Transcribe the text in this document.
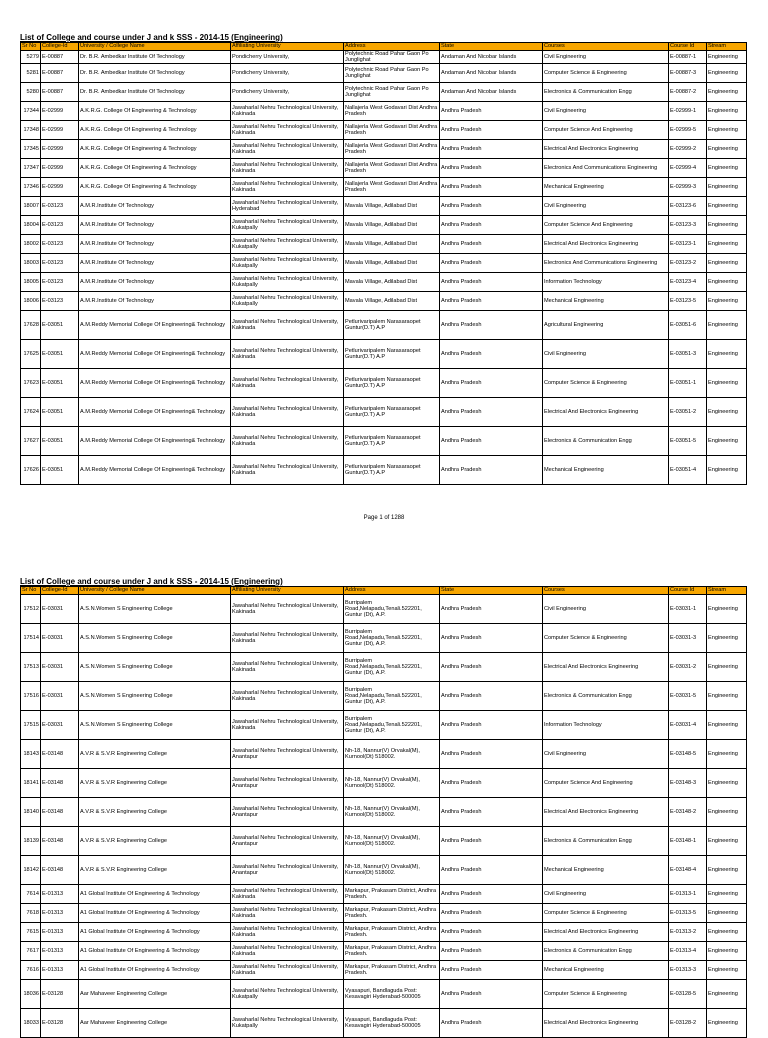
List of College and course under J and k SSS - 2014-15 (Engineering)
Sr No	College-Id	University / College Name	Affiliating University	Address	State	Courses	Course Id	Stream
5279	E-00887	Dr. B.R. Ambedkar Institute Of Technology	Pondicherry University,	Polytechnic Road Pahar Gaon Po Junglighat	Andaman And Nicobar Islands	Civil Engineering	E-00887-1	Engineering
5281	E-00887	Dr. B.R. Ambedkar Institute Of Technology	Pondicherry University,	Polytechnic Road Pahar Gaon Po Junglighat	Andaman And Nicobar Islands	Computer Science & Engineering	E-00887-3	Engineering
5280	E-00887	Dr. B.R. Ambedkar Institute Of Technology	Pondicherry University,	Polytechnic Road Pahar Gaon Po Junglighat	Andaman And Nicobar Islands	Electronics & Communication Engg	E-00887-2	Engineering
17344	E-02999	A.K.R.G. College Of Engineering & Technology	Jawaharlal Nehru Technological University, Kakinada	Nallajerla West Godavari Dist Andhra Pradesh	Andhra Pradesh	Civil Engineering	E-02999-1	Engineering
17348	E-02999	A.K.R.G. College Of Engineering & Technology	Jawaharlal Nehru Technological University, Kakinada	Nallajerla West Godavari Dist Andhra Pradesh	Andhra Pradesh	Computer Science And Engineering	E-02999-5	Engineering
17345	E-02999	A.K.R.G. College Of Engineering & Technology	Jawaharlal Nehru Technological University, Kakinada	Nallajerla West Godavari Dist Andhra Pradesh	Andhra Pradesh	Electrical And Electronics Engineering	E-02999-2	Engineering
17347	E-02999	A.K.R.G. College Of Engineering & Technology	Jawaharlal Nehru Technological University, Kakinada	Nallajerla West Godavari Dist Andhra Pradesh	Andhra Pradesh	Electronics And Communications Engineering	E-02999-4	Engineering
17346	E-02999	A.K.R.G. College Of Engineering & Technology	Jawaharlal Nehru Technological University, Kakinada	Nallajerla West Godavari Dist Andhra Pradesh	Andhra Pradesh	Mechanical Engineering	E-02999-3	Engineering
18007	E-03123	A.M.R.Institute Of Technology	Jawaharlal Nehru Technological University, Hyderabad	Mavala Village, Adilabad Dist	Andhra Pradesh	Civil Engineering	E-03123-6	Engineering
18004	E-03123	A.M.R.Institute Of Technology	Jawaharlal Nehru Technological University, Kukatpally	Mavala Village, Adilabad Dist	Andhra Pradesh	Computer Science And Engineering	E-03123-3	Engineering
18002	E-03123	A.M.R.Institute Of Technology	Jawaharlal Nehru Technological University, Kukatpally	Mavala Village, Adilabad Dist	Andhra Pradesh	Electrical And Electronics Engineering	E-03123-1	Engineering
18003	E-03123	A.M.R.Institute Of Technology	Jawaharlal Nehru Technological University, Kukatpally	Mavala Village, Adilabad Dist	Andhra Pradesh	Electronics And Communications Engineering	E-03123-2	Engineering
18005	E-03123	A.M.R.Institute Of Technology	Jawaharlal Nehru Technological University, Kukatpally	Mavala Village, Adilabad Dist	Andhra Pradesh	Information Technology	E-03123-4	Engineering
18006	E-03123	A.M.R.Institute Of Technology	Jawaharlal Nehru Technological University, Kukatpally	Mavala Village, Adilabad Dist	Andhra Pradesh	Mechanical Engineering	E-03123-5	Engineering
17628	E-03051	A.M.Reddy Memorial College Of Engineering& Technology	Jawaharlal Nehru Technological University, Kakinada	Petlurivaripalem Narasaraopet Guntur(D.T) A.P	Andhra Pradesh	Agricultural Engineering	E-03051-6	Engineering
17625	E-03051	A.M.Reddy Memorial College Of Engineering& Technology	Jawaharlal Nehru Technological University, Kakinada	Petlurivaripalem Narasaraopet Guntur(D.T) A.P	Andhra Pradesh	Civil Engineering	E-03051-3	Engineering
17623	E-03051	A.M.Reddy Memorial College Of Engineering& Technology	Jawaharlal Nehru Technological University, Kakinada	Petlurivaripalem Narasaraopet Guntur(D.T) A.P	Andhra Pradesh	Computer Science & Engineering	E-03051-1	Engineering
17624	E-03051	A.M.Reddy Memorial College Of Engineering& Technology	Jawaharlal Nehru Technological University, Kakinada	Petlurivaripalem Narasaraopet Guntur(D.T) A.P	Andhra Pradesh	Electrical And Electronics Engineering	E-03051-2	Engineering
17627	E-03051	A.M.Reddy Memorial College Of Engineering& Technology	Jawaharlal Nehru Technological University, Kakinada	Petlurivaripalem Narasaraopet Guntur(D.T) A.P	Andhra Pradesh	Electronics & Communication Engg	E-03051-5	Engineering
17626	E-03051	A.M.Reddy Memorial College Of Engineering& Technology	Jawaharlal Nehru Technological University, Kakinada	Petlurivaripalem Narasaraopet Guntur(D.T) A.P	Andhra Pradesh	Mechanical Engineering	E-03051-4	Engineering
Page 1 of 1288
List of College and course under J and k SSS - 2014-15 (Engineering)
Sr No	College-Id	University / College Name	Affiliating University	Address	State	Courses	Course Id	Stream
17512	E-03031	A.S.N.Women S Engineering College	Jawaharlal Nehru Technological University, Kakinada	Burripalem Road,Nelapadu,Tenali.522201, Guntur (Dt), A.P.	Andhra Pradesh	Civil Engineering	E-03031-1	Engineering
17514	E-03031	A.S.N.Women S Engineering College	Jawaharlal Nehru Technological University, Kakinada	Burripalem Road,Nelapadu,Tenali.522201, Guntur (Dt), A.P.	Andhra Pradesh	Computer Science & Engineering	E-03031-3	Engineering
17513	E-03031	A.S.N.Women S Engineering College	Jawaharlal Nehru Technological University, Kakinada	Burripalem Road,Nelapadu,Tenali.522201, Guntur (Dt), A.P.	Andhra Pradesh	Electrical And Electronics Engineering	E-03031-2	Engineering
17516	E-03031	A.S.N.Women S Engineering College	Jawaharlal Nehru Technological University, Kakinada	Burripalem Road,Nelapadu,Tenali.522201, Guntur (Dt), A.P.	Andhra Pradesh	Electronics & Communication Engg	E-03031-5	Engineering
17515	E-03031	A.S.N.Women S Engineering College	Jawaharlal Nehru Technological University, Kakinada	Burripalem Road,Nelapadu,Tenali.522201, Guntur (Dt), A.P.	Andhra Pradesh	Information Technology	E-03031-4	Engineering
18143	E-03148	A.V.R & S.V.R Engineering College	Jawaharlal Nehru Technological University, Anantapur	Nh-18, Nannur(V) Orvakal(M), Kurnool(Dt) 518002.	Andhra Pradesh	Civil Engineering	E-03148-5	Engineering
18141	E-03148	A.V.R & S.V.R Engineering College	Jawaharlal Nehru Technological University, Anantapur	Nh-18, Nannur(V) Orvakal(M), Kurnool(Dt) 518002.	Andhra Pradesh	Computer Science And Engineering	E-03148-3	Engineering
18140	E-03148	A.V.R & S.V.R Engineering College	Jawaharlal Nehru Technological University, Anantapur	Nh-18, Nannur(V) Orvakal(M), Kurnool(Dt) 518002.	Andhra Pradesh	Electrical And Electronics Engineering	E-03148-2	Engineering
18139	E-03148	A.V.R & S.V.R Engineering College	Jawaharlal Nehru Technological University, Anantapur	Nh-18, Nannur(V) Orvakal(M), Kurnool(Dt) 518002.	Andhra Pradesh	Electronics & Communication Engg	E-03148-1	Engineering
18142	E-03148	A.V.R & S.V.R Engineering College	Jawaharlal Nehru Technological University, Anantapur	Nh-18, Nannur(V) Orvakal(M), Kurnool(Dt) 518002.	Andhra Pradesh	Mechanical Engineering	E-03148-4	Engineering
7614	E-01313	A1 Global Institute Of Engineering & Technology	Jawaharlal Nehru Technological University, Kakinada	Markapur, Prakasam District, Andhra Pradesh.	Andhra Pradesh	Civil Engineering	E-01313-1	Engineering
7618	E-01313	A1 Global Institute Of Engineering & Technology	Jawaharlal Nehru Technological University, Kakinada	Markapur, Prakasam District, Andhra Pradesh.	Andhra Pradesh	Computer Science & Engineering	E-01313-5	Engineering
7615	E-01313	A1 Global Institute Of Engineering & Technology	Jawaharlal Nehru Technological University, Kakinada	Markapur, Prakasam District, Andhra Pradesh.	Andhra Pradesh	Electrical And Electronics Engineering	E-01313-2	Engineering
7617	E-01313	A1 Global Institute Of Engineering & Technology	Jawaharlal Nehru Technological University, Kakinada	Markapur, Prakasam District, Andhra Pradesh.	Andhra Pradesh	Electronics & Communication Engg	E-01313-4	Engineering
7616	E-01313	A1 Global Institute Of Engineering & Technology	Jawaharlal Nehru Technological University, Kakinada	Markapur, Prakasam District, Andhra Pradesh.	Andhra Pradesh	Mechanical Engineering	E-01313-3	Engineering
18036	E-03128	Aar Mahaveer Engineering College	Jawaharlal Nehru Technological University, Kukatpally	Vyasapuri, Bandlaguda Post: Kesavagiri Hyderabad-500005	Andhra Pradesh	Computer Science & Engineering	E-03128-5	Engineering
18033	E-03128	Aar Mahaveer Engineering College	Jawaharlal Nehru Technological University, Kukatpally	Vyasapuri, Bandlaguda Post: Kesavagiri Hyderabad-500005	Andhra Pradesh	Electrical And Electronics Engineering	E-03128-2	Engineering
